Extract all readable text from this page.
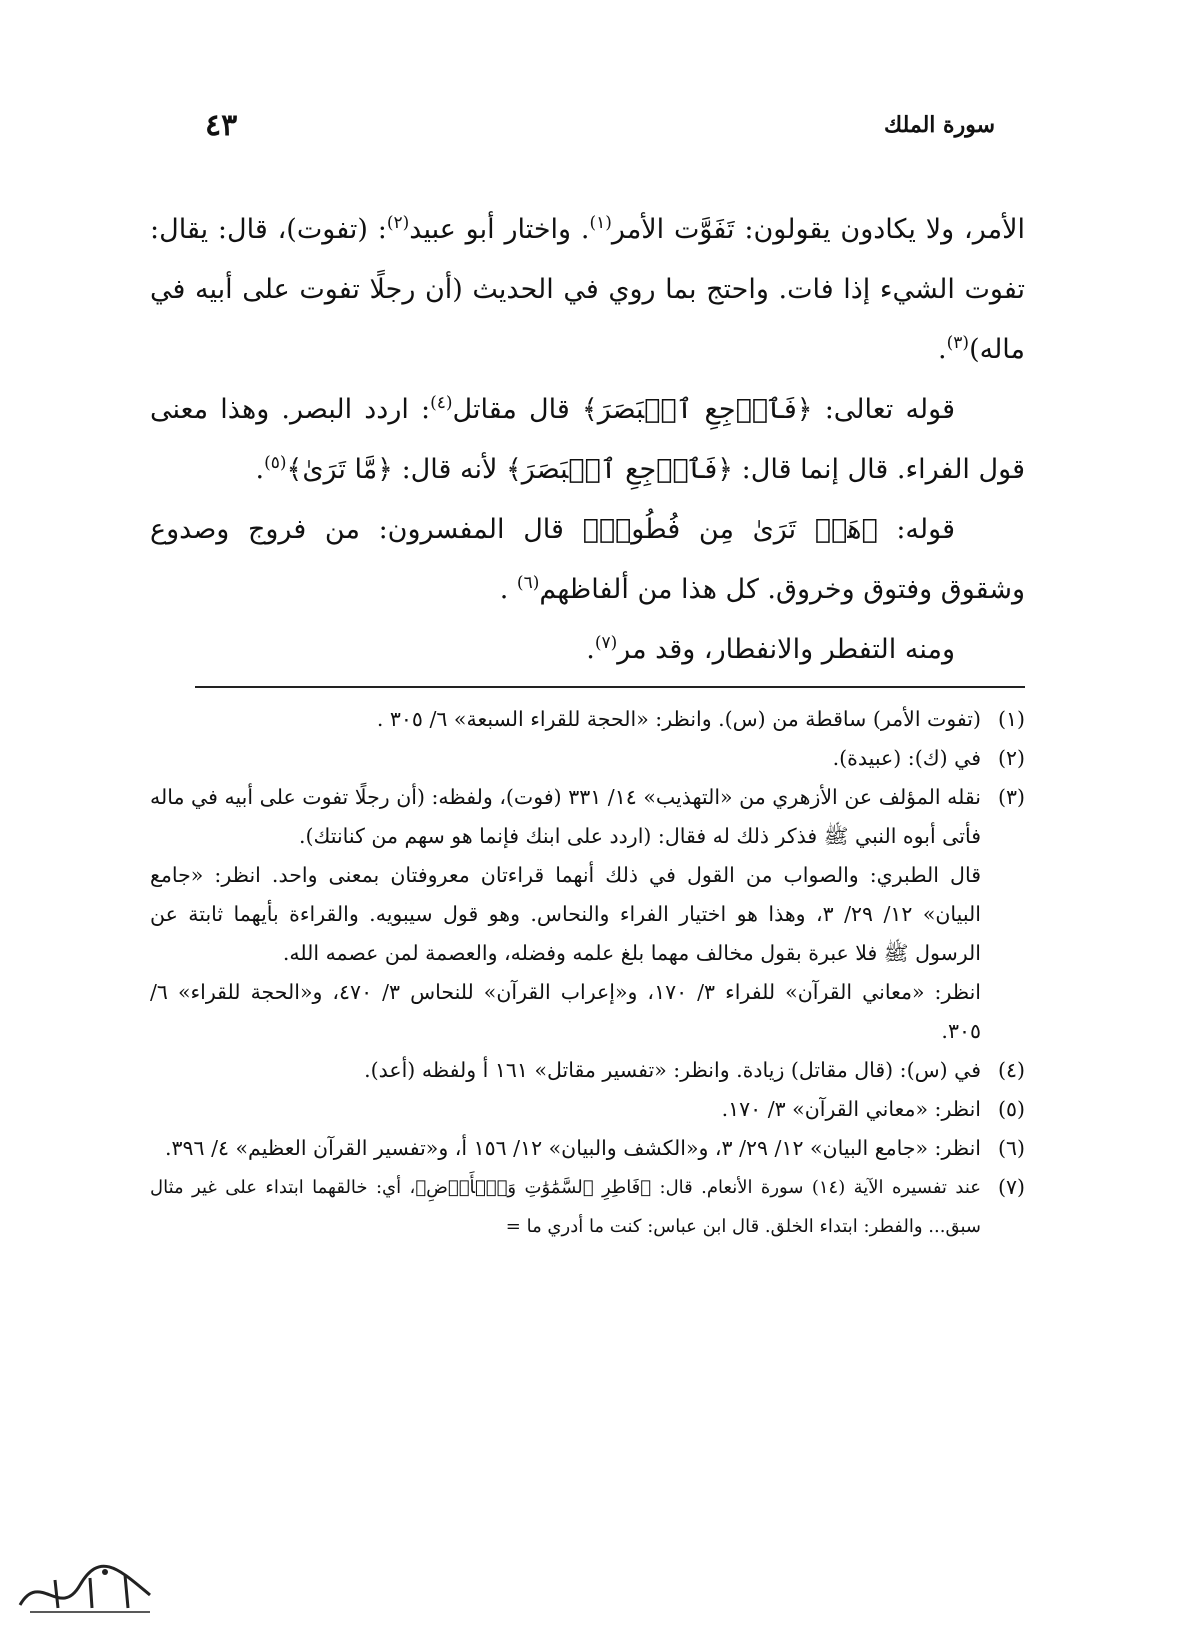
سورة الملك
٤٣

الأمر، ولا يكادون يقولون: تَفَوَّت الأمر$^{(١)}$. واختار أبو عبيد$^{(٢)}$: (تفوت)، قال: يقال: تفوت الشيء إذا فات. واحتج بما روي في الحديث (أن رجلًا تفوت على أبيه في ماله)$^{(٣)}$.

قوله تعالى: ﴿فَٱرۡجِعِ ٱلۡبَصَرَ﴾ قال مقاتل$^{(٤)}$: اردد البصر. وهذا معنى قول الفراء. قال إنما قال: ﴿فَٱرۡجِعِ ٱلۡبَصَرَ﴾ لأنه قال: ﴿مَّا تَرَىٰ﴾$^{(٥)}$.

قوله: ﴿هَلۡ تَرَىٰ مِن فُطُورٖ﴾ قال المفسرون: من فروج وصدوع وشقوق وفتوق وخروق. كل هذا من ألفاظهم$^{(٦)}$ .

ومنه التفطر والانفطار، وقد مر$^{(٧)}$.

(١)

(تفوت الأمر) ساقطة من (س). وانظر: «الحجة للقراء السبعة» ٦/ ٣٠٥ .

(٢)

في (ك): (عبيدة).

(٣)

نقله المؤلف عن الأزهري من «التهذيب» ١٤/ ٣٣١ (فوت)، ولفظه: (أن رجلًا تفوت على أبيه في ماله فأتى أبوه النبي ﷺ فذكر ذلك له فقال: (اردد على ابنك فإنما هو سهم من كنانتك).

قال الطبري: والصواب من القول في ذلك أنهما قراءتان معروفتان بمعنى واحد. انظر: «جامع البيان» ١٢/ ٢٩/ ٣، وهذا هو اختيار الفراء والنحاس. وهو قول سيبويه. والقراءة بأيهما ثابتة عن الرسول ﷺ فلا عبرة بقول مخالف مهما بلغ علمه وفضله، والعصمة لمن عصمه الله.

انظر: «معاني القرآن» للفراء ٣/ ١٧٠، و«إعراب القرآن» للنحاس ٣/ ٤٧٠، و«الحجة للقراء» ٦/ ٣٠٥.

(٤)

في (س): (قال مقاتل) زيادة. وانظر: «تفسير مقاتل» ١٦١ أ ولفظه (أعد).

(٥)

انظر: «معاني القرآن» ٣/ ١٧٠.

(٦)

انظر: «جامع البيان» ١٢/ ٢٩/ ٣، و«الكشف والبيان» ١٢/ ١٥٦ أ، و«تفسير القرآن العظيم» ٤/ ٣٩٦.

(٧)

عند تفسيره الآية (١٤) سورة الأنعام. قال: ﴿فَاطِرِ ٱلسَّمَٰوَٰتِ وَٱلۡأَرۡضِ﴾، أي: خالقهما ابتداء على غير مثال سبق... والفطر: ابتداء الخلق. قال ابن عباس: كنت ما أدري ما =
